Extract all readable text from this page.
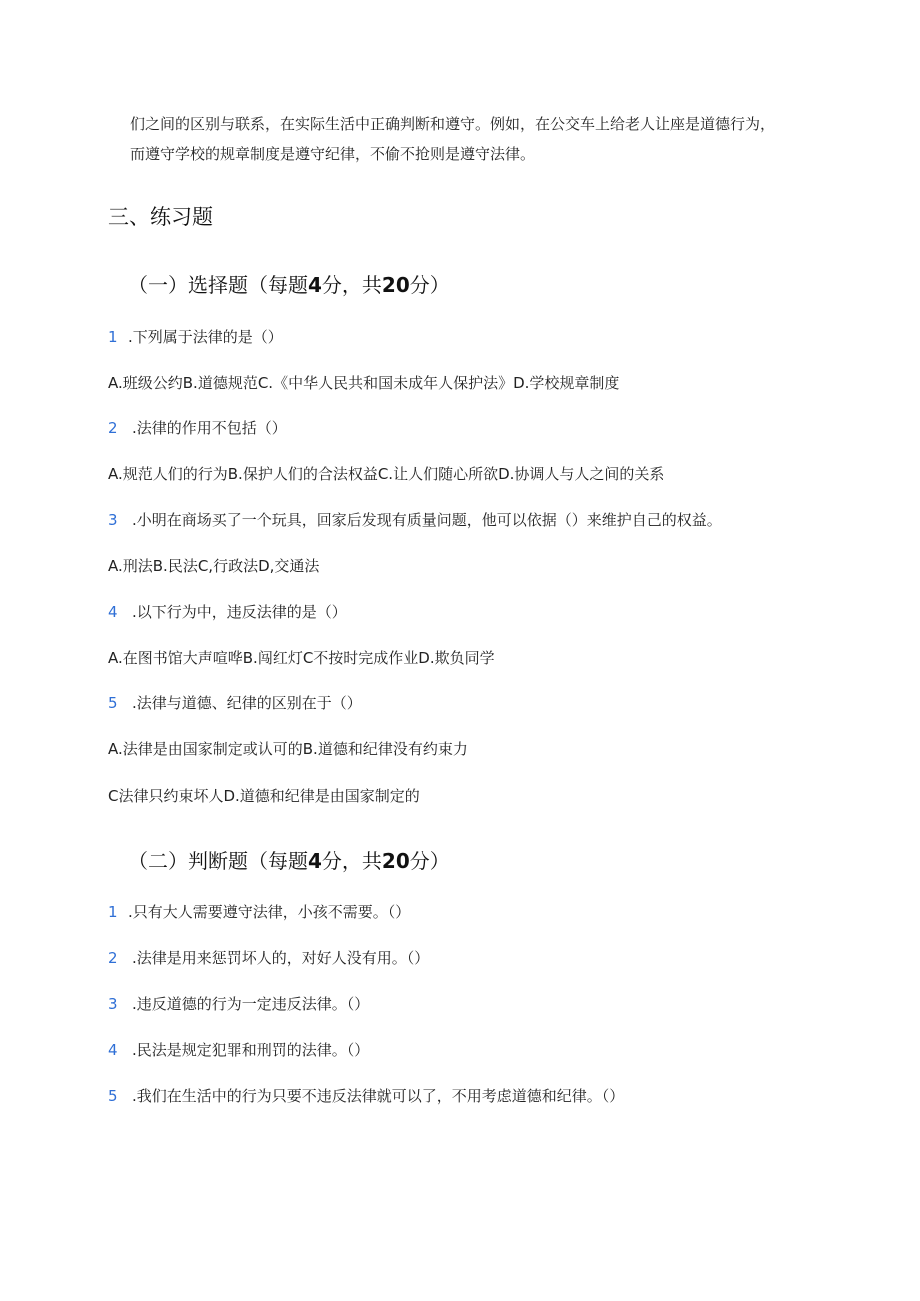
们之间的区别与联系，在实际生活中正确判断和遵守。例如，在公交车上给老人让座是道德行为，
而遵守学校的规章制度是遵守纪律，不偷不抢则是遵守法律。
三、练习题
（一）选择题（每题4分，共20分）
1 .下列属于法律的是（）
A.班级公约B.道德规范C.《中华人民共和国未成年人保护法》D.学校规章制度
2 .法律的作用不包括（）
A.规范人们的行为B.保护人们的合法权益C.让人们随心所欲D.协调人与人之间的关系
3 .小明在商场买了一个玩具，回家后发现有质量问题，他可以依据（）来维护自己的权益。
A.刑法B.民法C,行政法D,交通法
4 .以下行为中，违反法律的是（）
A.在图书馆大声喧哗B.闯红灯C不按时完成作业D.欺负同学
5 .法律与道德、纪律的区别在于（）
A.法律是由国家制定或认可的B.道德和纪律没有约束力
C法律只约束坏人D.道德和纪律是由国家制定的
（二）判断题（每题4分，共20分）
1 .只有大人需要遵守法律，小孩不需要。（）
2 .法律是用来惩罚坏人的，对好人没有用。（）
3 .违反道德的行为一定违反法律。（）
4 .民法是规定犯罪和刑罚的法律。（）
5 .我们在生活中的行为只要不违反法律就可以了，不用考虑道德和纪律。（）
